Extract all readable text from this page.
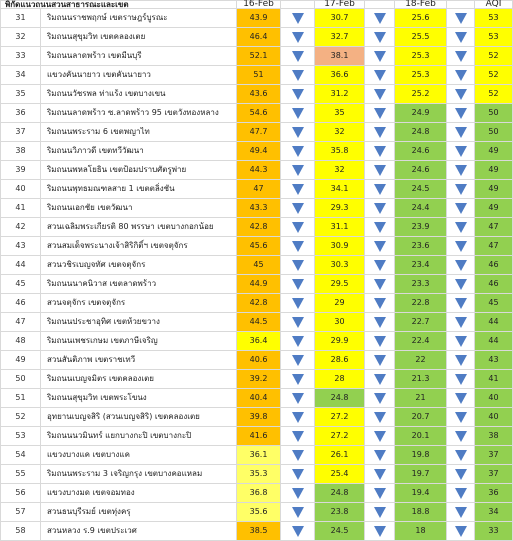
พิกัดแนวถนนสวนสาธารณะและเขต		16-Feb		17-Feb		18-Feb		AQI
31	ริมถนนราชพฤกษ์ เขตราษฎร์บูรณะ	43.9		30.7		25.6		53
32	ริมถนนสุขุมวิท เขตคลองเตย	46.4		32.7		25.5		53
33	ริมถนนลาดพร้าว เขตมีนบุรี	52.1		38.1		25.3		52
34	แขวงคันนายาว เขตคันนายาว	51		36.6		25.3		52
35	ริมถนนวัชรพล ท่าแร้ง เขตบางเขน	43.6		31.2		25.2		52
36	ริมถนนลาดพร้าว ซ.ลาดพร้าว 95 เขตวังทองหลาง	54.6		35		24.9		50
37	ริมถนนพระราม 6 เขตพญาไท	47.7		32		24.8		50
38	ริมถนนวิภาวดี เขตทวีวัฒนา	49.4		35.8		24.6		49
39	ริมถนนพหลโยธิน เขตป้อมปราบศัตรูพ่าย	44.3		32		24.6		49
40	ริมถนนพุทธมณฑลสาย 1 เขตตลิ่งชัน	47		34.1		24.5		49
41	ริมถนนเอกชัย เขตวัฒนา	43.3		29.3		24.4		49
42	สวนเฉลิมพระเกียรติ 80 พรรษา เขตบางกอกน้อย	42.8		31.1		23.9		47
43	สวนสมเด็จพระนางเจ้าสิริกิติ์ฯ เขตจตุจักร	45.6		30.9		23.6		47
44	สวนวชิรเบญจทัศ เขตจตุจักร	45		30.3		23.4		46
45	ริมถนนนาคนิวาส เขตลาดพร้าว	44.9		29.5		23.3		46
46	สวนจตุจักร เขตจตุจักร	42.8		29		22.8		45
47	ริมถนนประชาอุทิศ เขตห้วยขวาง	44.5		30		22.7		44
48	ริมถนนเพชรเกษม เขตภาษีเจริญ	36.4		29.9		22.4		44
49	สวนสันติภาพ เขตราชเทวี	40.6		28.6		22		43
50	ริมถนนเบญจมิตร เขตคลองเตย	39.2		28		21.3		41
51	ริมถนนสุขุมวิท เขตพระโขนง	40.4		24.8		21		40
52	อุทยานเบญจสิริ (สวนเบญจสิริ) เขตคลองเตย	39.8		27.2		20.7		40
53	ริมถนนนวมินทร์ แยกบางกะปิ เขตบางกะปิ	41.6		27.2		20.1		38
54	แขวงบางแค เขตบางแค	36.1		26.1		19.8		37
55	ริมถนนพระราม 3 เจริญกรุง เขตบางคอแหลม	35.3		25.4		19.7		37
56	แขวงบางมด เขตจอมทอง	36.8		24.8		19.4		36
57	สวนธนบุรีรมย์ เขตทุ่งครุ	35.6		23.8		18.8		34
58	สวนหลวง ร.9 เขตประเวศ	38.5		24.5		18		33
